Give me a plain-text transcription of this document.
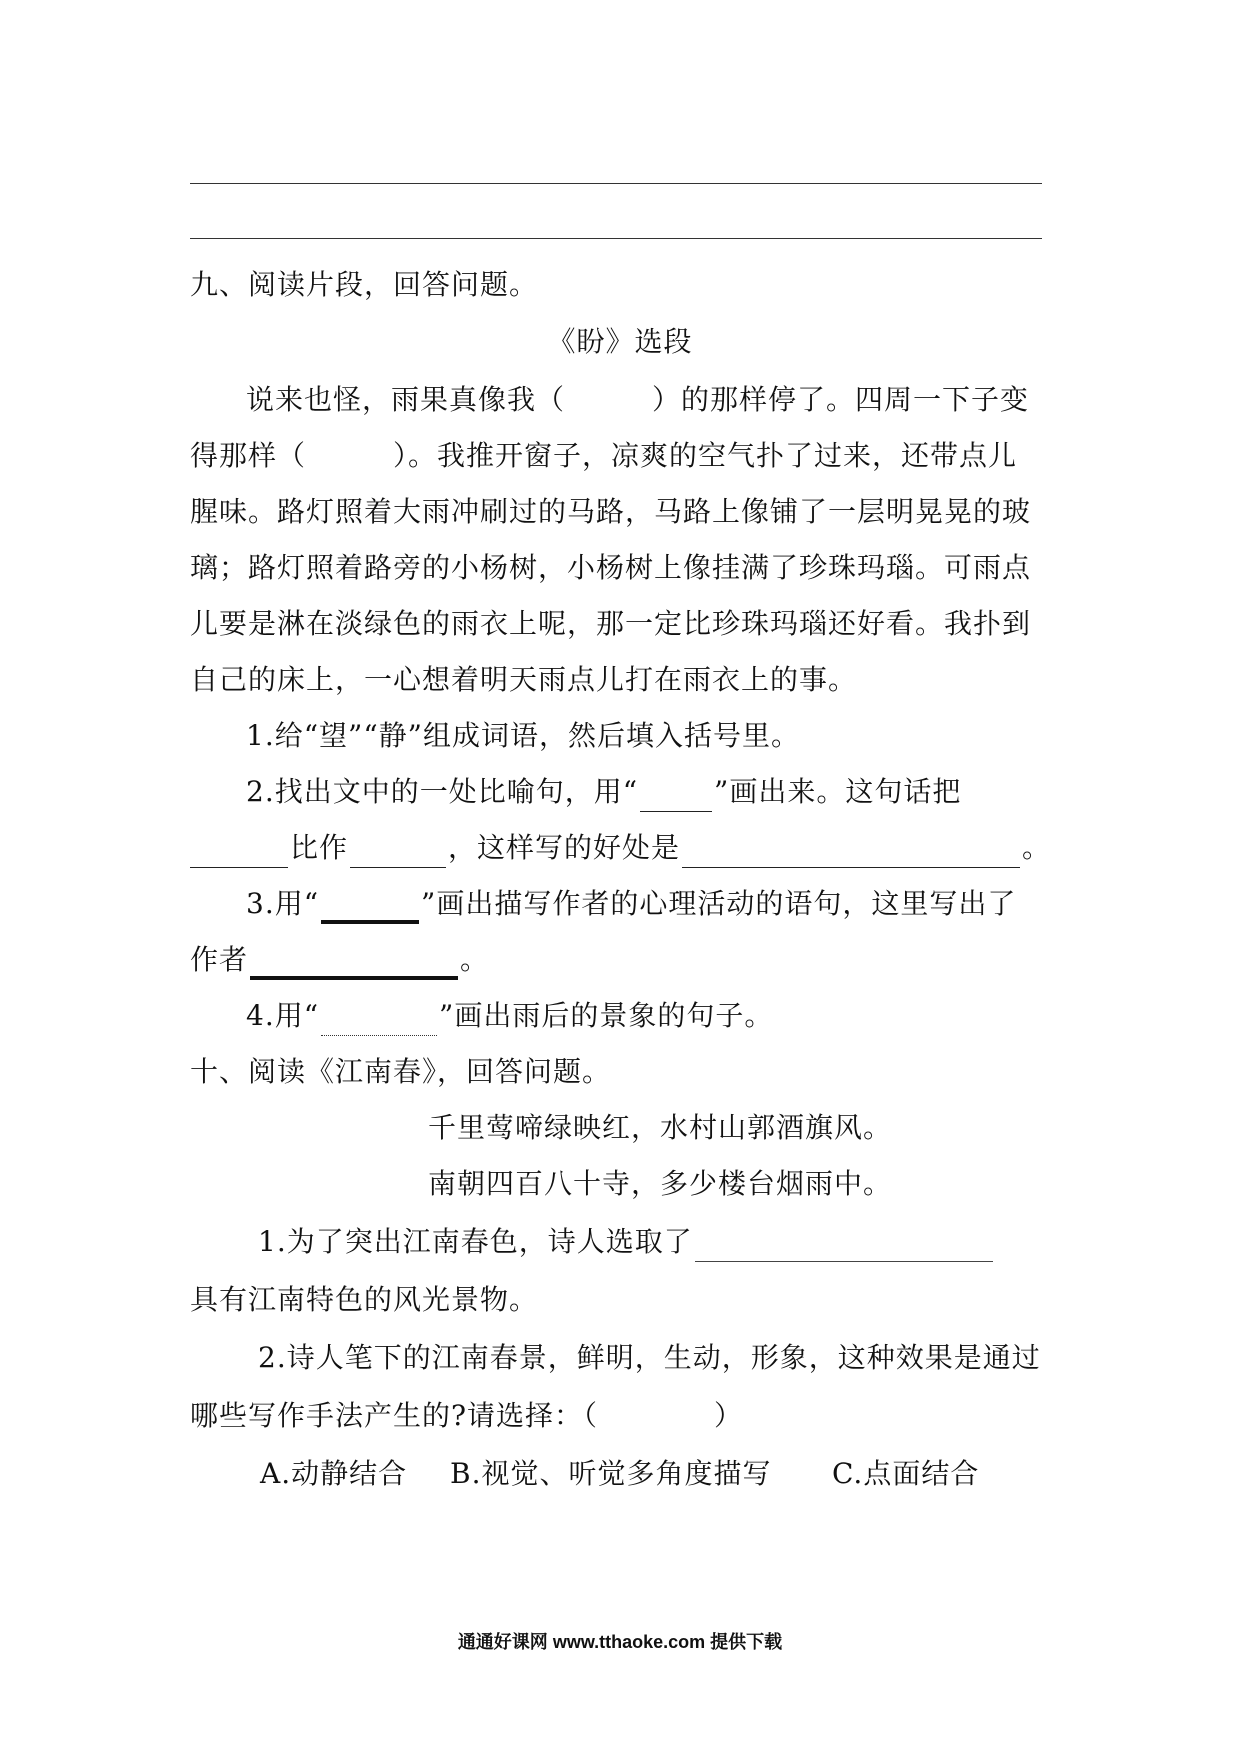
九、阅读片段，回答问题。
《盼》选段
说来也怪，雨果真像我（　　　）的那样停了。四周一下子变
得那样（　　　）。我推开窗子，凉爽的空气扑了过来，还带点儿
腥味。路灯照着大雨冲刷过的马路，马路上像铺了一层明晃晃的玻
璃；路灯照着路旁的小杨树，小杨树上像挂满了珍珠玛瑙。可雨点
儿要是淋在淡绿色的雨衣上呢，那一定比珍珠玛瑙还好看。我扑到
自己的床上，一心想着明天雨点儿打在雨衣上的事。
1.给“望”“静”组成词语，然后填入括号里。
2.找出文中的一处比喻句，用“	”画出来。这句话把
比作	，这样写的好处是	。
3.用“	”画出描写作者的心理活动的语句，这里写出了
作者	。
4.用“	”画出雨后的景象的句子。
十、阅读《江南春》，回答问题。
千里莺啼绿映红，水村山郭酒旗风。
南朝四百八十寺，多少楼台烟雨中。
1.为了突出江南春色，诗人选取了
具有江南特色的风光景物。
2.诗人笔下的江南春景，鲜明，生动，形象，这种效果是通过
哪些写作手法产生的?请选择：（　　　　）
A.动静结合 B.视觉、听觉多角度描写 C.点面结合
通通好课网 www.tthaoke.com 提供下载
